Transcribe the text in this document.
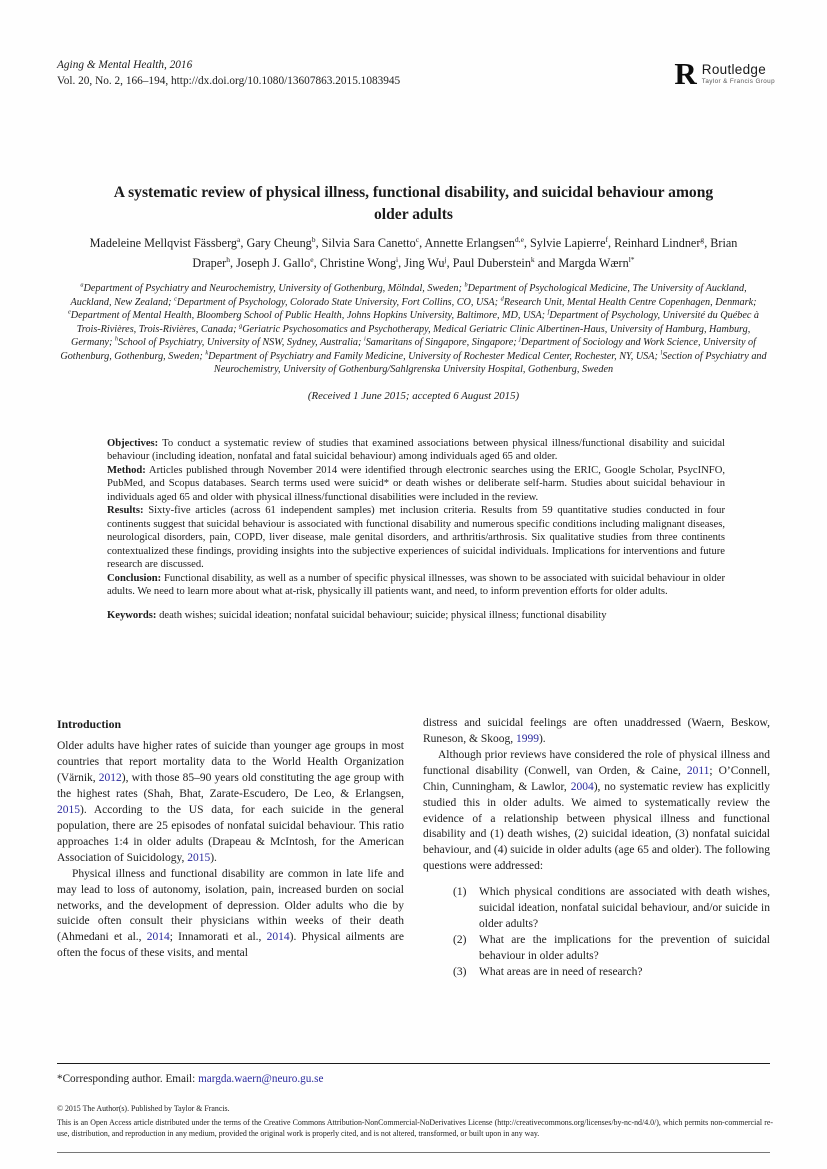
Aging & Mental Health, 2016
Vol. 20, No. 2, 166–194, http://dx.doi.org/10.1080/13607863.2015.1083945	R Routledge
Taylor & Francis Group
A systematic review of physical illness, functional disability, and suicidal behaviour among older adults
Madeleine Mellqvist Fässberg$^a$, Gary Cheung$^b$, Silvia Sara Canetto$^c$, Annette Erlangsen$^{d,e}$, Sylvie Lapierre$^f$, Reinhard Lindner$^g$, Brian Draper$^h$, Joseph J. Gallo$^e$, Christine Wong$^i$, Jing Wu$^j$, Paul Duberstein$^k$ and Margda Wærn$^{l*}$
$^a$Department of Psychiatry and Neurochemistry, University of Gothenburg, Mölndal, Sweden; $^b$Department of Psychological Medicine, The University of Auckland, Auckland, New Zealand; $^c$Department of Psychology, Colorado State University, Fort Collins, CO, USA; $^d$Research Unit, Mental Health Centre Copenhagen, Denmark; $^e$Department of Mental Health, Bloomberg School of Public Health, Johns Hopkins University, Baltimore, MD, USA; $^f$Department of Psychology, Université du Québec à Trois-Rivières, Trois-Rivières, Canada; $^g$Geriatric Psychosomatics and Psychotherapy, Medical Geriatric Clinic Albertinen-Haus, University of Hamburg, Hamburg, Germany; $^h$School of Psychiatry, University of NSW, Sydney, Australia; $^i$Samaritans of Singapore, Singapore; $^j$Department of Sociology and Work Science, University of Gothenburg, Gothenburg, Sweden; $^k$Department of Psychiatry and Family Medicine, University of Rochester Medical Center, Rochester, NY, USA; $^l$Section of Psychiatry and Neurochemistry, University of Gothenburg/Sahlgrenska University Hospital, Gothenburg, Sweden
(Received 1 June 2015; accepted 6 August 2015)

Objectives: To conduct a systematic review of studies that examined associations between physical illness/functional disability and suicidal behaviour (including ideation, nonfatal and fatal suicidal behaviour) among individuals aged 65 and older.

Method: Articles published through November 2014 were identified through electronic searches using the ERIC, Google Scholar, PsycINFO, PubMed, and Scopus databases. Search terms used were suicid* or death wishes or deliberate self-harm. Studies about suicidal behaviour in individuals aged 65 and older with physical illness/functional disabilities were included in the review.

Results: Sixty-five articles (across 61 independent samples) met inclusion criteria. Results from 59 quantitative studies conducted in four continents suggest that suicidal behaviour is associated with functional disability and numerous specific conditions including malignant diseases, neurological disorders, pain, COPD, liver disease, male genital disorders, and arthritis/arthrosis. Six qualitative studies from three continents contextualized these findings, providing insights into the subjective experiences of suicidal individuals. Implications for interventions and future research are discussed.

Conclusion: Functional disability, as well as a number of specific physical illnesses, was shown to be associated with suicidal behaviour in older adults. We need to learn more about what at-risk, physically ill patients want, and need, to inform prevention efforts for older adults.

Keywords: death wishes; suicidal ideation; nonfatal suicidal behaviour; suicide; physical illness; functional disability

Introduction

Older adults have higher rates of suicide than younger age groups in most countries that report mortality data to the World Health Organization (Värnik, 2012), with those 85–90 years old constituting the age group with the highest rates (Shah, Bhat, Zarate-Escudero, De Leo, & Erlangsen, 2015). According to the US data, for each suicide in the general population, there are 25 episodes of nonfatal suicidal behaviour. This ratio approaches 1:4 in older adults (Drapeau & McIntosh, for the American Association of Suicidology, 2015).

Physical illness and functional disability are common in late life and may lead to loss of autonomy, isolation, pain, increased burden on social networks, and the development of depression. Older adults who die by suicide often consult their physicians within weeks of their death (Ahmedani et al., 2014; Innamorati et al., 2014). Physical ailments are often the focus of these visits, and mental

distress and suicidal feelings are often unaddressed (Waern, Beskow, Runeson, & Skoog, 1999).

Although prior reviews have considered the role of physical illness and functional disability (Conwell, van Orden, & Caine, 2011; O’Connell, Chin, Cunningham, & Lawlor, 2004), no systematic review has explicitly studied this in older adults. We aimed to systematically review the evidence of a relationship between physical illness and functional disability and (1) death wishes, (2) suicidal ideation, (3) nonfatal suicidal behaviour, and (4) suicide in older adults (age 65 and older). The following questions were addressed:

(1)	Which physical conditions are associated with death wishes, suicidal ideation, nonfatal suicidal behaviour, and/or suicide in older adults?
(2)	What are the implications for the prevention of suicidal behaviour in older adults?
(3)	What areas are in need of research?
*Corresponding author. Email: margda.waern@neuro.gu.se

© 2015 The Author(s). Published by Taylor & Francis.

This is an Open Access article distributed under the terms of the Creative Commons Attribution-NonCommercial-NoDerivatives License (http://creativecommons.org/licenses/by-nc-nd/4.0/), which permits non-commercial re-use, distribution, and reproduction in any medium, provided the original work is properly cited, and is not altered, transformed, or built upon in any way.
